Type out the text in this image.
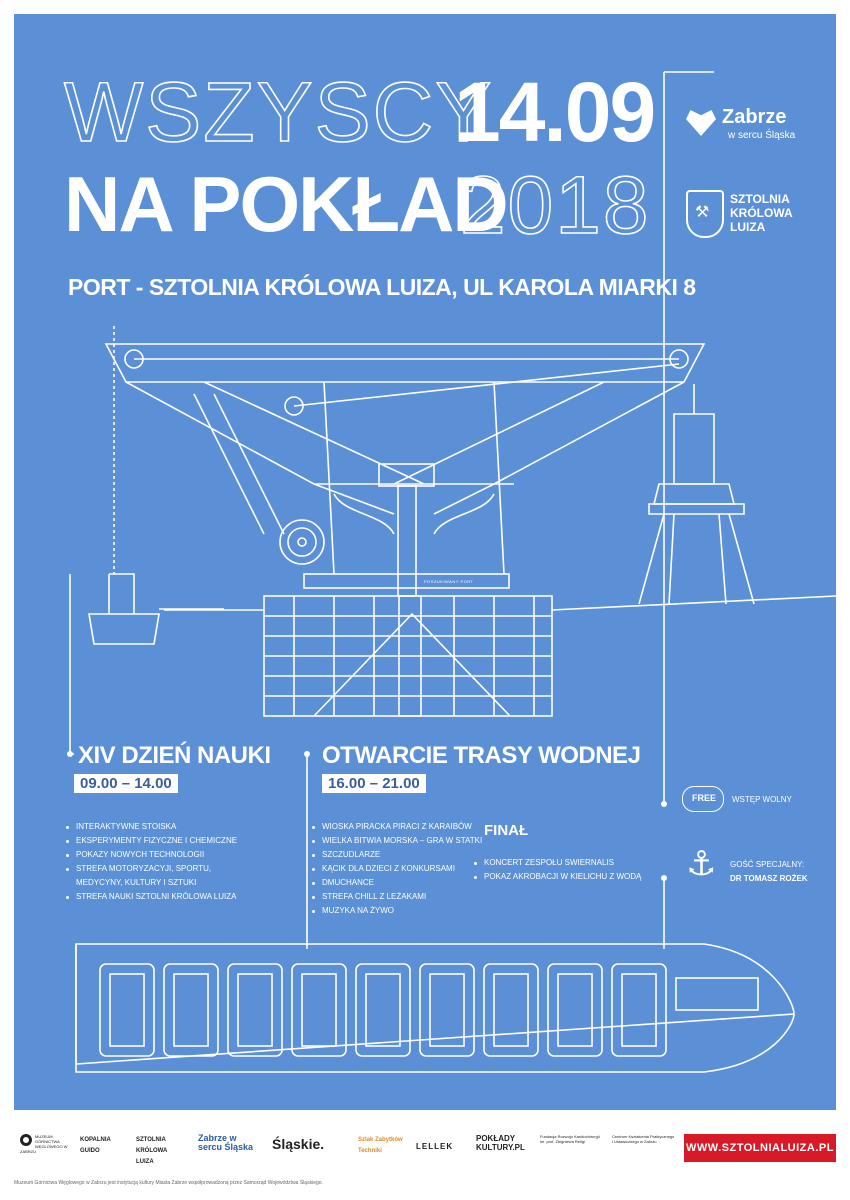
WSZYSCY
NA POKŁAD
14.09
2018
PORT - SZTOLNIA KRÓLOWA LUIZA, UL KAROLA MIARKI 8
Zabrze
w sercu Śląska
⚒
SZTOLNIA
KRÓLOWA
LUIZA
POSZUKIWANY PORT
XIV DZIEŃ NAUKI
09.00 – 14.00
INTERAKTYWNE STOISKA
EKSPERYMENTY FIZYCZNE I CHEMICZNE
POKAZY NOWYCH TECHNOLOGII
STREFA MOTORYZACYJI, SPORTU, MEDYCYNY, KULTURY I SZTUKI
STREFA NAUKI SZTOLNI KRÓLOWA LUIZA
OTWARCIE TRASY WODNEJ
16.00 – 21.00
WIOSKA PIRACKA PIRACI Z KARAIBÓW
WIELKA BITWIA MORSKA – GRA W STATKI
SZCZUDLARZE
KĄCIK DLA DZIECI Z KONKURSAMI
DMUCHANCE
STREFA CHILL Z LEŻAKAMI
MUZYKA NA ŻYWO
FINAŁ
KONCERT ZESPOŁU SWIERNALIS
POKAZ AKROBACJI W KIELICHU Z WODĄ
FREE WSTĘP WOLNY
⚓ GOŚĆ SPECJALNY:
DR TOMASZ ROŻEK
MUZEUM GÓRNICTWA WĘGLOWEGO W ZABRZU
KOPALNIA GUIDO
SZTOLNIA KRÓLOWA LUIZA
Zabrze w sercu Śląska	Śląskie.	Szlak Zabytków Techniki	LELLEK
POKŁADY KULTURY.PL
Fundacja Rozwoju Kardiochirurgii im. prof. Zbigniewa Religi
Centrum Kształcenia Praktycznego i Ustawicznego w Zabrzu
WWW.SZTOLNIALUIZA.PL
Muzeum Górnictwa Węglowego w Zabrzu jest instytucją kultury Miasta Zabrze współprowadzoną przez Samorząd Województwa Śląskiego.
